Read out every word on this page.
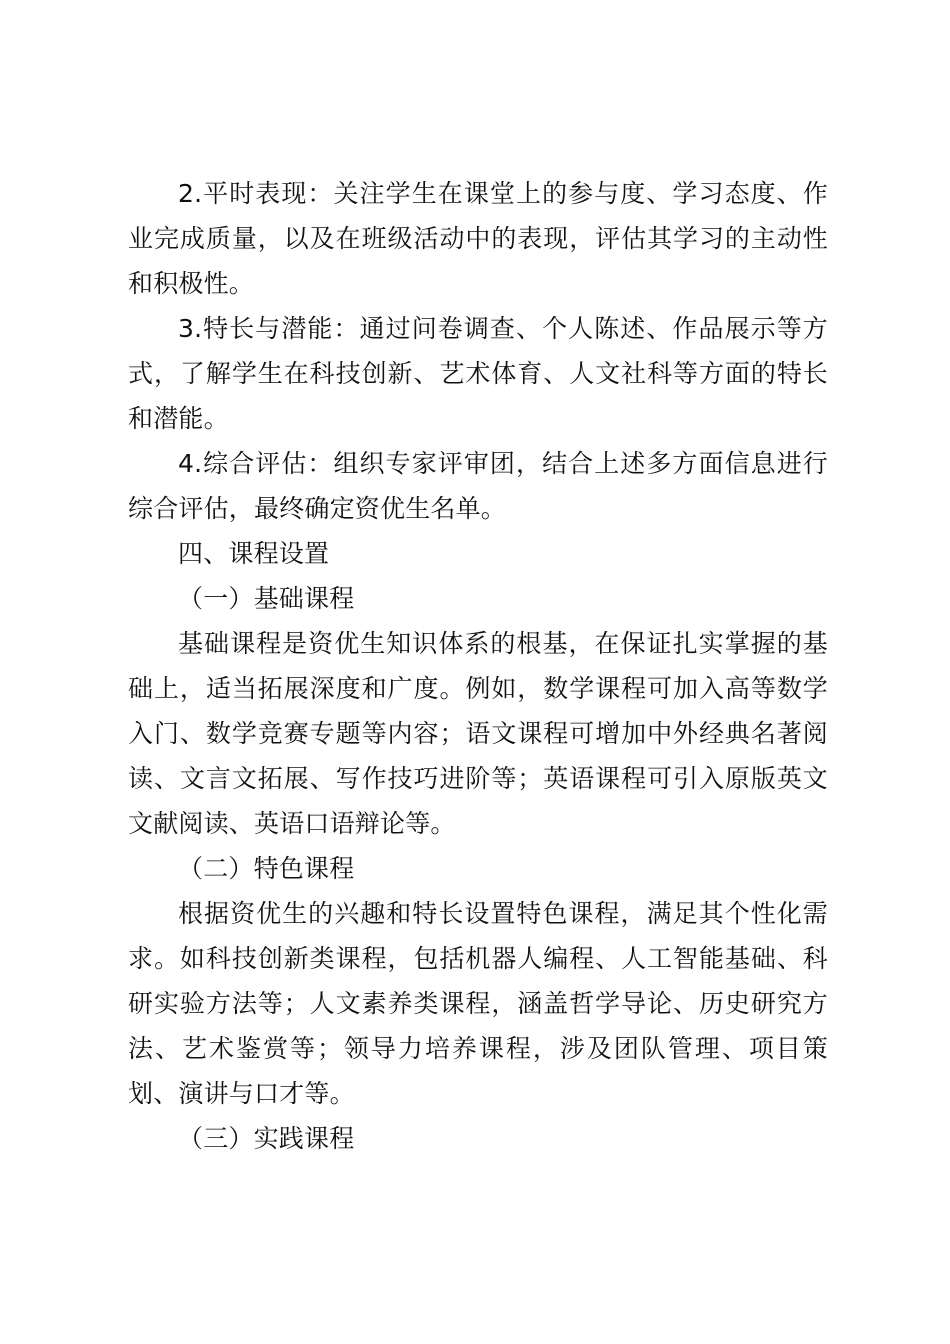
2.平时表现：关注学生在课堂上的参与度、学习态度、作业完成质量，以及在班级活动中的表现，评估其学习的主动性和积极性。

3.特长与潜能：通过问卷调查、个人陈述、作品展示等方式，了解学生在科技创新、艺术体育、人文社科等方面的特长和潜能。

4.综合评估：组织专家评审团，结合上述多方面信息进行综合评估，最终确定资优生名单。

四、课程设置

（一）基础课程

基础课程是资优生知识体系的根基，在保证扎实掌握的基础上，适当拓展深度和广度。例如，数学课程可加入高等数学入门、数学竞赛专题等内容；语文课程可增加中外经典名著阅读、文言文拓展、写作技巧进阶等；英语课程可引入原版英文文献阅读、英语口语辩论等。

（二）特色课程

根据资优生的兴趣和特长设置特色课程，满足其个性化需求。如科技创新类课程，包括机器人编程、人工智能基础、科研实验方法等；人文素养类课程，涵盖哲学导论、历史研究方法、艺术鉴赏等；领导力培养课程，涉及团队管理、项目策划、演讲与口才等。

（三）实践课程
